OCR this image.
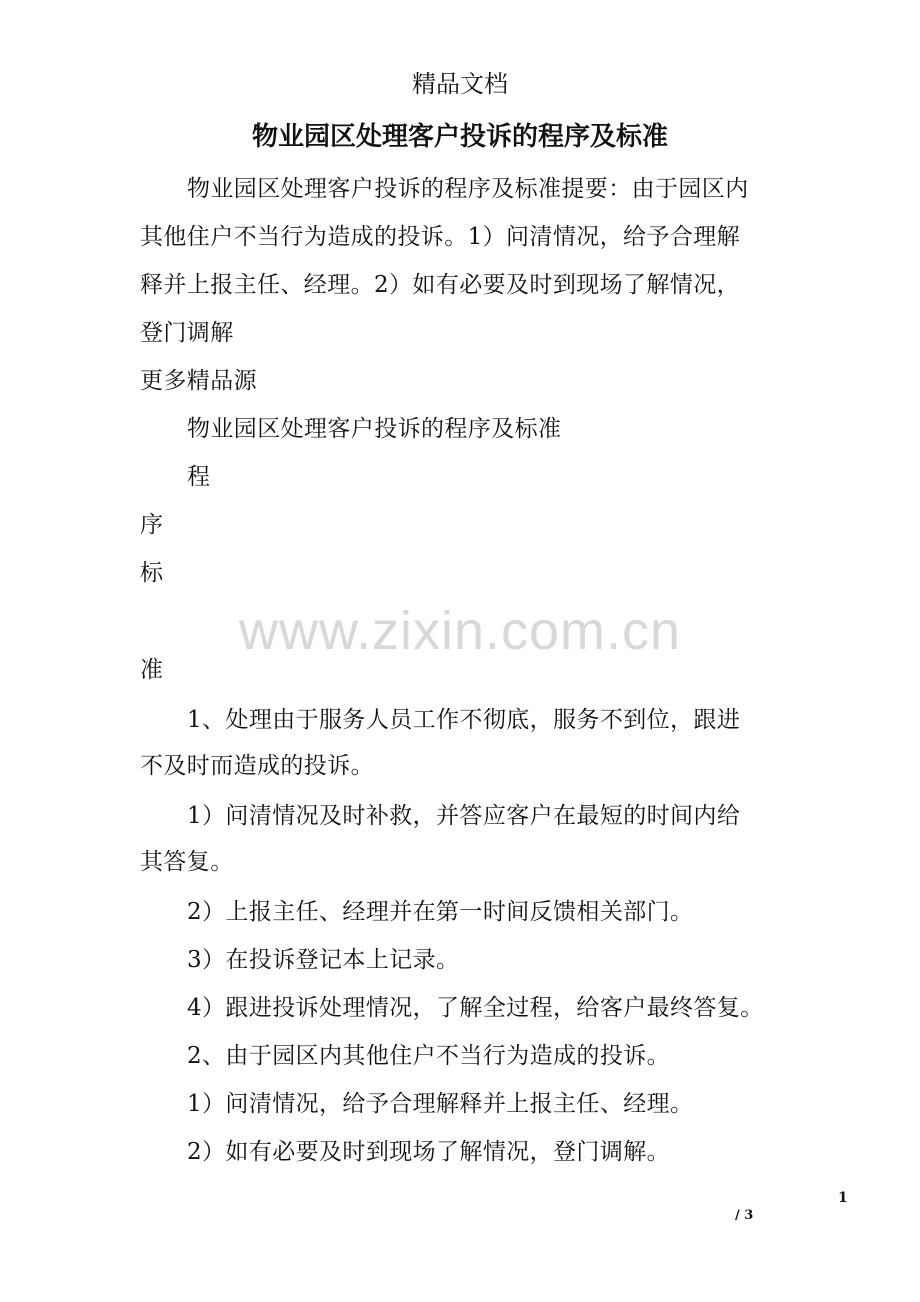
精品文档
物业园区处理客户投诉的程序及标准
物业园区处理客户投诉的程序及标准提要：由于园区内
其他住户不当行为造成的投诉。1）问清情况，给予合理解
释并上报主任、经理。2）如有必要及时到现场了解情况，
登门调解
更多精品源
物业园区处理客户投诉的程序及标准
程
序
标
www.zixin.com.cn
准
1、处理由于服务人员工作不彻底，服务不到位，跟进
不及时而造成的投诉。
1）问清情况及时补救，并答应客户在最短的时间内给
其答复。
2）上报主任、经理并在第一时间反馈相关部门。
3）在投诉登记本上记录。
4）跟进投诉处理情况，了解全过程，给客户最终答复。
2、由于园区内其他住户不当行为造成的投诉。
1）问清情况，给予合理解释并上报主任、经理。
2）如有必要及时到现场了解情况，登门调解。
1
/ 3
